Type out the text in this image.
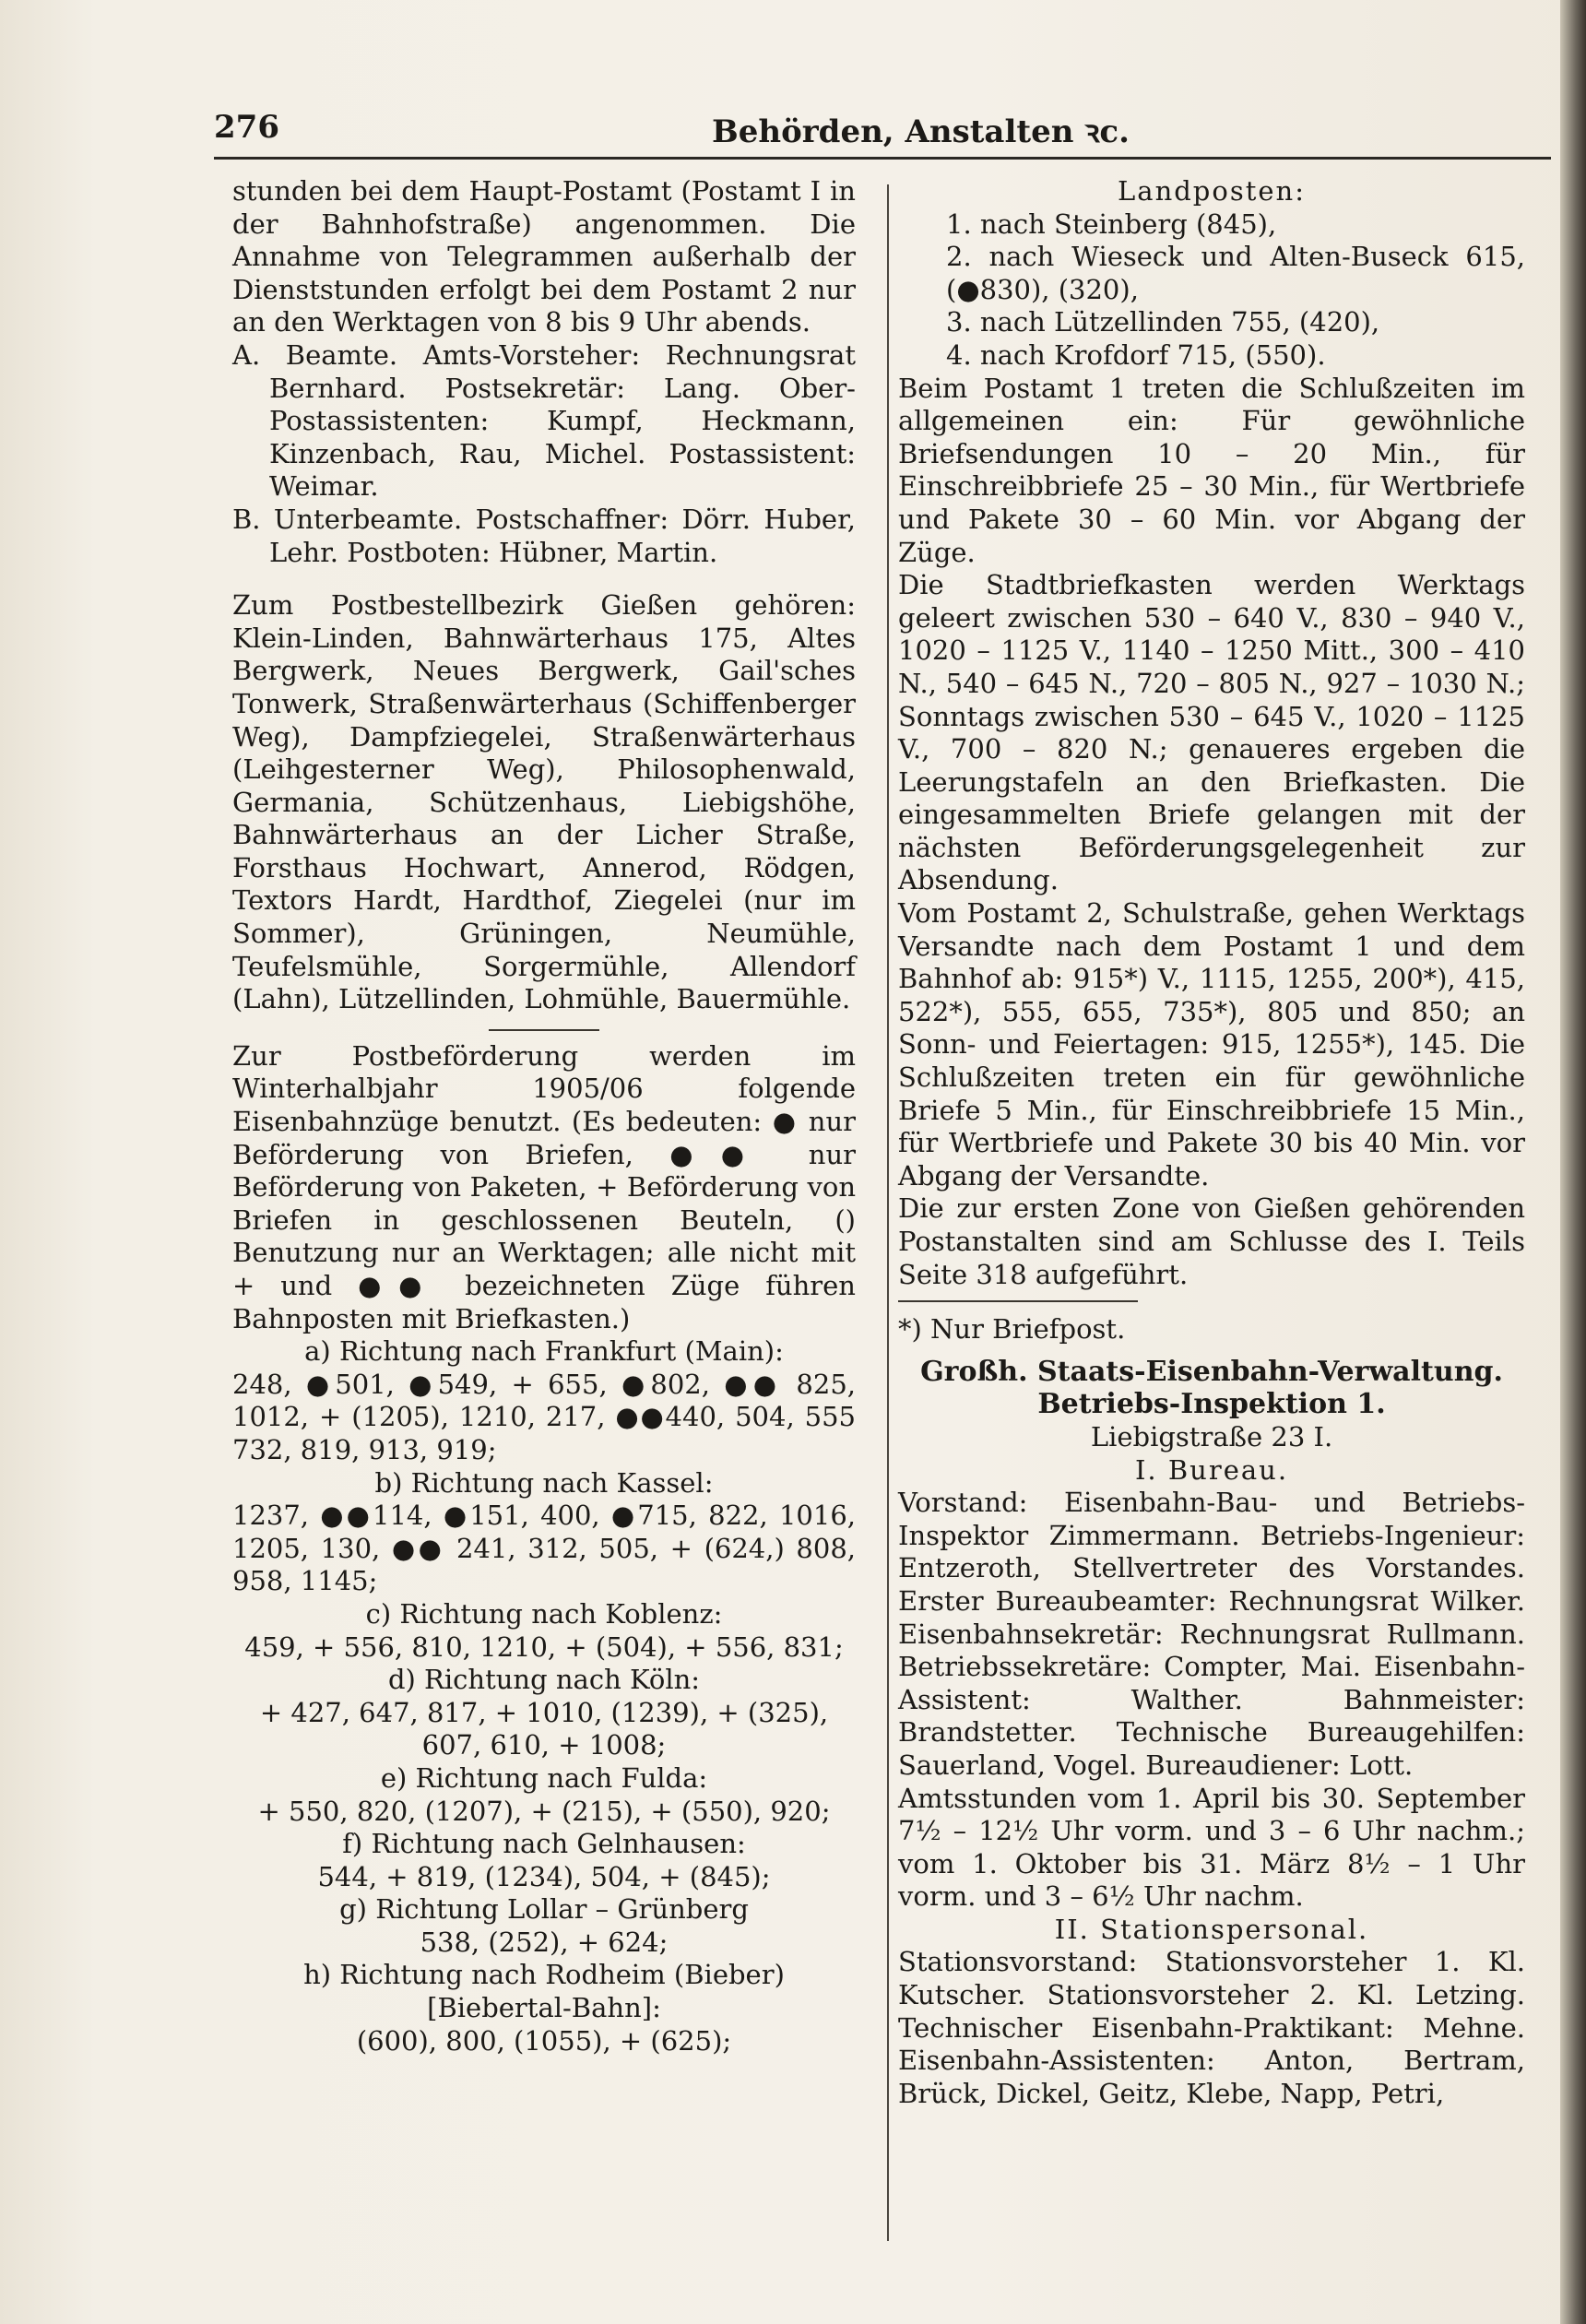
276	Behörden, Anstalten ꝛc.

stunden bei dem Haupt-Postamt (Postamt I in der Bahnhofstraße) angenommen. Die Annahme von Telegrammen außerhalb der Dienststunden erfolgt bei dem Postamt 2 nur an den Werktagen von 8 bis 9 Uhr abends.

A. Beamte. Amts-Vorsteher: Rechnungsrat Bernhard. Postsekretär: Lang. Ober-Postassistenten: Kumpf, Heckmann, Kinzenbach, Rau, Michel. Postassistent: Weimar.

B. Unterbeamte. Postschaffner: Dörr. Huber, Lehr. Postboten: Hübner, Martin.

Zum Postbestellbezirk Gießen gehören: Klein-Linden, Bahnwärterhaus 175, Altes Bergwerk, Neues Bergwerk, Gail'sches Tonwerk, Straßenwärterhaus (Schiffenberger Weg), Dampfziegelei, Straßenwärterhaus (Leihgesterner Weg), Philosophenwald, Germania, Schützenhaus, Liebigshöhe, Bahnwärterhaus an der Licher Straße, Forsthaus Hochwart, Annerod, Rödgen, Textors Hardt, Hardthof, Ziegelei (nur im Sommer), Grüningen, Neumühle, Teufelsmühle, Sorgermühle, Allendorf (Lahn), Lützellinden, Lohmühle, Bauermühle.

Zur Postbeförderung werden im Winterhalbjahr 1905/06 folgende Eisenbahnzüge benutzt. (Es bedeuten: ● nur Beförderung von Briefen, ●● nur Beförderung von Paketen, + Beförderung von Briefen in geschlossenen Beuteln, () Benutzung nur an Werktagen; alle nicht mit + und ●● bezeichneten Züge führen Bahnposten mit Briefkasten.)

a) Richtung nach Frankfurt (Main):

248, ●501, ●549, + 655, ●802, ●● 825, 1012, + (1205), 1210, 217, ●●440, 504, 555 732, 819, 913, 919;

b) Richtung nach Kassel:

1237, ●●114, ●151, 400, ●715, 822, 1016, 1205, 130, ●● 241, 312, 505, + (624,) 808, 958, 1145;

c) Richtung nach Koblenz:

459, + 556, 810, 1210, + (504), + 556, 831;

d) Richtung nach Köln:

+ 427, 647, 817, + 1010, (1239), + (325), 607, 610, + 1008;

e) Richtung nach Fulda:

+ 550, 820, (1207), + (215), + (550), 920;

f) Richtung nach Gelnhausen:

544, + 819, (1234), 504, + (845);

g) Richtung Lollar – Grünberg

538, (252), + 624;

h) Richtung nach Rodheim (Bieber) [Biebertal-Bahn]:

(600), 800, (1055), + (625);

Landposten:

1. nach Steinberg (845),

2. nach Wieseck und Alten-Buseck 615, (●830), (320),

3. nach Lützellinden 755, (420),

4. nach Krofdorf 715, (550).

Beim Postamt 1 treten die Schlußzeiten im allgemeinen ein: Für gewöhnliche Briefsendungen 10 – 20 Min., für Einschreibbriefe 25 – 30 Min., für Wertbriefe und Pakete 30 – 60 Min. vor Abgang der Züge.

Die Stadtbriefkasten werden Werktags geleert zwischen 530 – 640 V., 830 – 940 V., 1020 – 1125 V., 1140 – 1250 Mitt., 300 – 410 N., 540 – 645 N., 720 – 805 N., 927 – 1030 N.; Sonntags zwischen 530 – 645 V., 1020 – 1125 V., 700 – 820 N.; genaueres ergeben die Leerungstafeln an den Briefkasten. Die eingesammelten Briefe gelangen mit der nächsten Beförderungsgelegenheit zur Absendung.

Vom Postamt 2, Schulstraße, gehen Werktags Versandte nach dem Postamt 1 und dem Bahnhof ab: 915*) V., 1115, 1255, 200*), 415, 522*), 555, 655, 735*), 805 und 850; an Sonn- und Feiertagen: 915, 1255*), 145. Die Schlußzeiten treten ein für gewöhnliche Briefe 5 Min., für Einschreibbriefe 15 Min., für Wertbriefe und Pakete 30 bis 40 Min. vor Abgang der Versandte.

Die zur ersten Zone von Gießen gehörenden Postanstalten sind am Schlusse des I. Teils Seite 318 aufgeführt.

*) Nur Briefpost.

Großh. Staats-Eisenbahn-Verwaltung.

Betriebs-Inspektion 1.

Liebigstraße 23 I.

I. Bureau.

Vorstand: Eisenbahn-Bau- und Betriebs-Inspektor Zimmermann. Betriebs-Ingenieur: Entzeroth, Stellvertreter des Vorstandes. Erster Bureaubeamter: Rechnungsrat Wilker. Eisenbahnsekretär: Rechnungsrat Rullmann. Betriebssekretäre: Compter, Mai. Eisenbahn-Assistent: Walther. Bahnmeister: Brandstetter. Technische Bureaugehilfen: Sauerland, Vogel. Bureaudiener: Lott.

Amtsstunden vom 1. April bis 30. September 7½ – 12½ Uhr vorm. und 3 – 6 Uhr nachm.; vom 1. Oktober bis 31. März 8½ – 1 Uhr vorm. und 3 – 6½ Uhr nachm.

II. Stationspersonal.

Stationsvorstand: Stationsvorsteher 1. Kl. Kutscher. Stationsvorsteher 2. Kl. Letzing. Technischer Eisenbahn-Praktikant: Mehne. Eisenbahn-Assistenten: Anton, Bertram, Brück, Dickel, Geitz, Klebe, Napp, Petri,
